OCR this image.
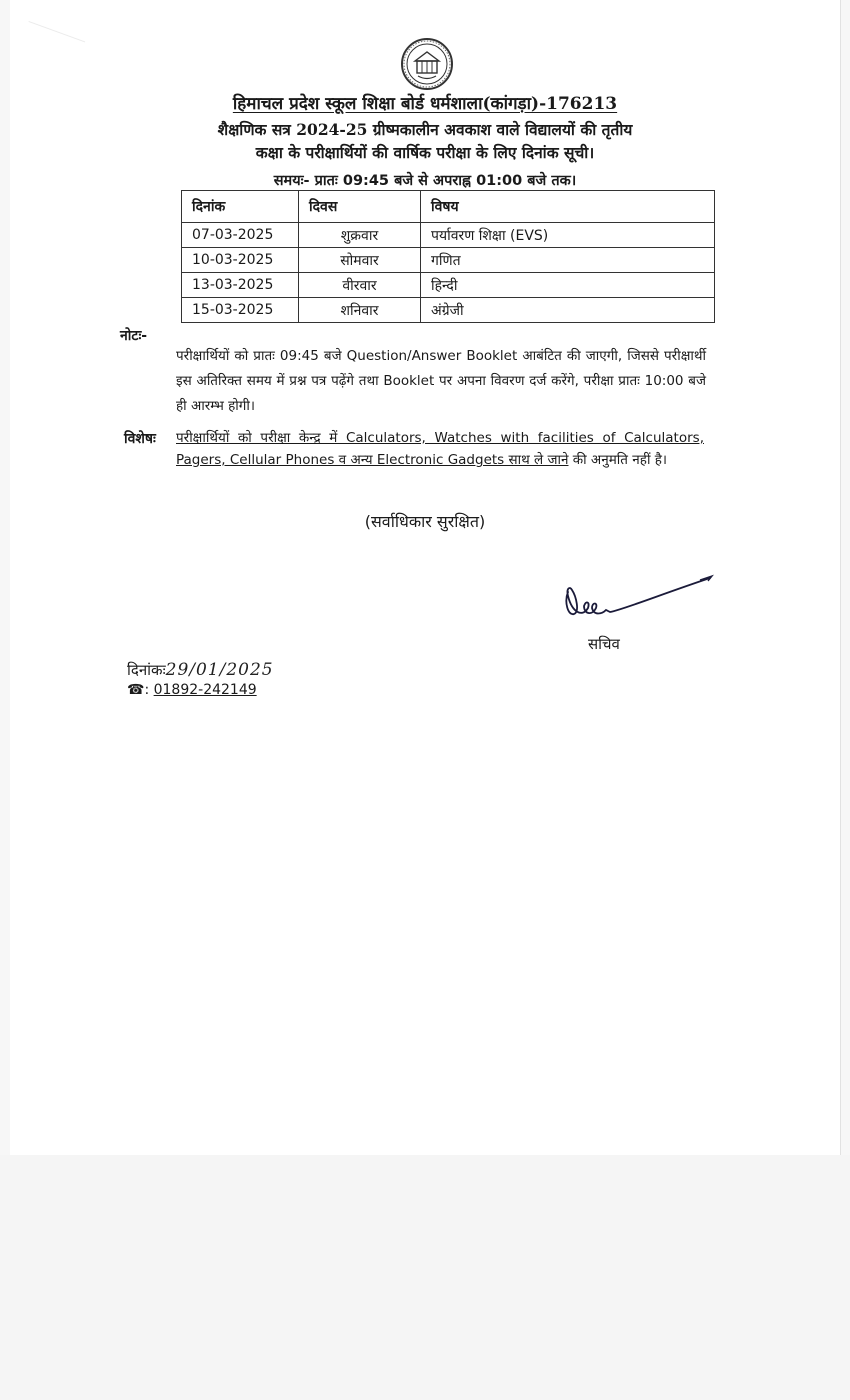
हिमाचल प्रदेश स्कूल शिक्षा बोर्ड धर्मशाला(कांगड़ा)-176213
शैक्षणिक सत्र 2024-25 ग्रीष्मकालीन अवकाश वाले विद्यालयों की तृतीय
कक्षा के परीक्षार्थियों की वार्षिक परीक्षा के लिए दिनांक सूची।
समयः- प्रातः 09:45 बजे से अपराह्न 01:00 बजे तक।
दिनांक	दिवस	विषय
07-03-2025	शुक्रवार	पर्यावरण शिक्षा (EVS)
10-03-2025	सोमवार	गणित
13-03-2025	वीरवार	हिन्दी
15-03-2025	शनिवार	अंग्रेजी
नोटः-
परीक्षार्थियों को प्रातः 09:45 बजे Question/Answer Booklet आबंटित की जाएगी, जिससे परीक्षार्थी इस अतिरिक्त समय में प्रश्न पत्र पढ़ेंगे तथा Booklet पर अपना विवरण दर्ज करेंगे, परीक्षा प्रातः 10:00 बजे ही आरम्भ होगी।
विशेषः परीक्षार्थियों को परीक्षा केन्द्र में Calculators, Watches with facilities of Calculators, Pagers, Cellular Phones व अन्य Electronic Gadgets साथ ले जाने की अनुमति नहीं है।
(सर्वाधिकार सुरक्षित)
सचिव
दिनांकः29/01/2025
☎: 01892-242149
